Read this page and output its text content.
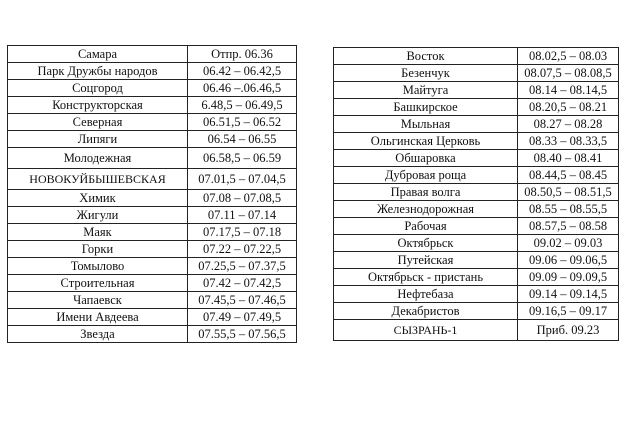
Самара	Отпр. 06.36
Парк Дружбы народов	06.42 – 06.42,5
Соцгород	06.46 –.06.46,5
Конструкторская	6.48,5 – 06.49,5
Северная	06.51,5 – 06.52
Липяги	06.54 – 06.55
Молодежная	06.58,5 – 06.59
НОВОКУЙБЫШЕВСКАЯ	07.01,5 – 07.04,5
Химик	07.08 – 07.08,5
Жигули	07.11 – 07.14
Маяк	07.17,5 – 07.18
Горки	07.22 – 07.22,5
Томылово	07.25,5 – 07.37,5
Строительная	07.42 – 07.42,5
Чапаевск	07.45,5 – 07.46,5
Имени Авдеева	07.49 – 07.49,5
Звезда	07.55,5 – 07.56,5
Восток	08.02,5 – 08.03
Безенчук	08.07,5 – 08.08,5
Майтуга	08.14 – 08.14,5
Башкирское	08.20,5 – 08.21
Мыльная	08.27 – 08.28
Ольгинская Церковь	08.33 – 08.33,5
Обшаровка	08.40 – 08.41
Дубровая роща	08.44,5 – 08.45
Правая волга	08.50,5 – 08.51,5
Железнодорожная	08.55 – 08.55,5
Рабочая	08.57,5 – 08.58
Октябрьск	09.02 – 09.03
Путейская	09.06 – 09.06,5
Октябрьск - пристань	09.09 – 09.09,5
Нефтебаза	09.14 – 09.14,5
Декабристов	09.16,5 – 09.17
СЫЗРАНЬ-1	Приб. 09.23
